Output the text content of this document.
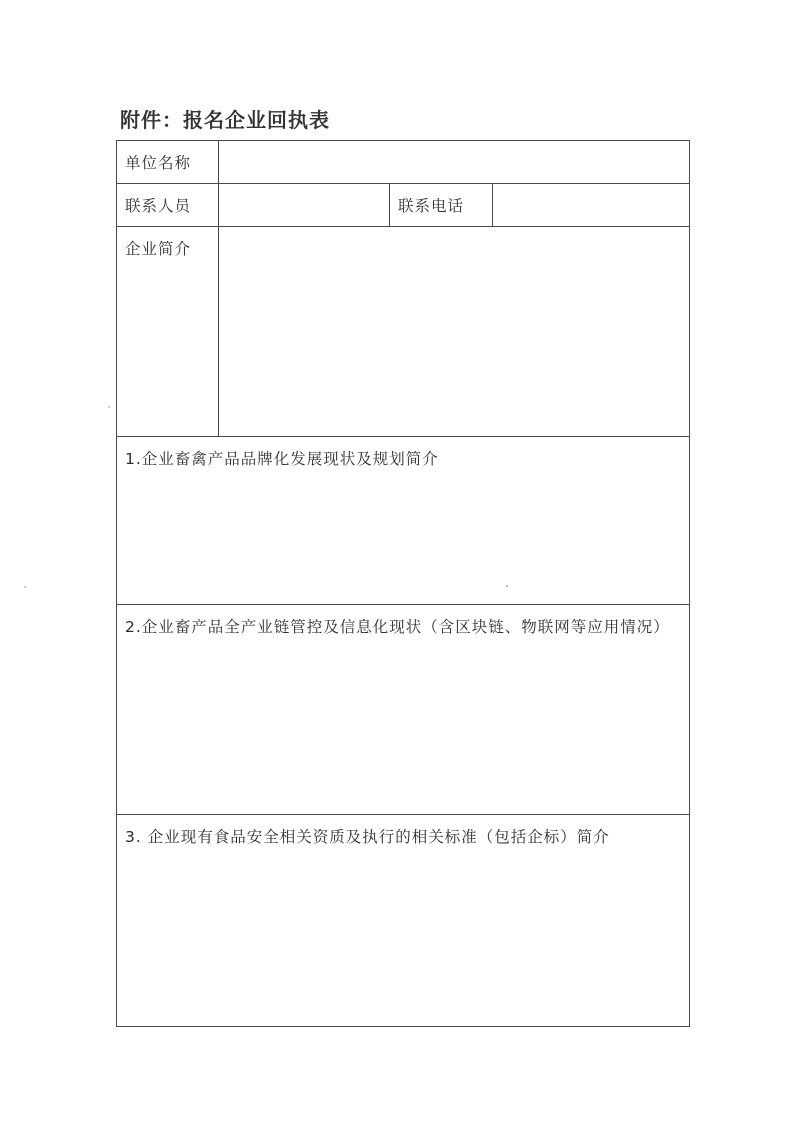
附件：报名企业回执表
单位名称			

联系人员		联系电话	

企业简介			

1.企业畜禽产品品牌化发展现状及规划简介			

2.企业畜产品全产业链管控及信息化现状（含区块链、物联网等应用情况）			

3. 企业现有食品安全相关资质及执行的相关标准（包括企标）简介			
